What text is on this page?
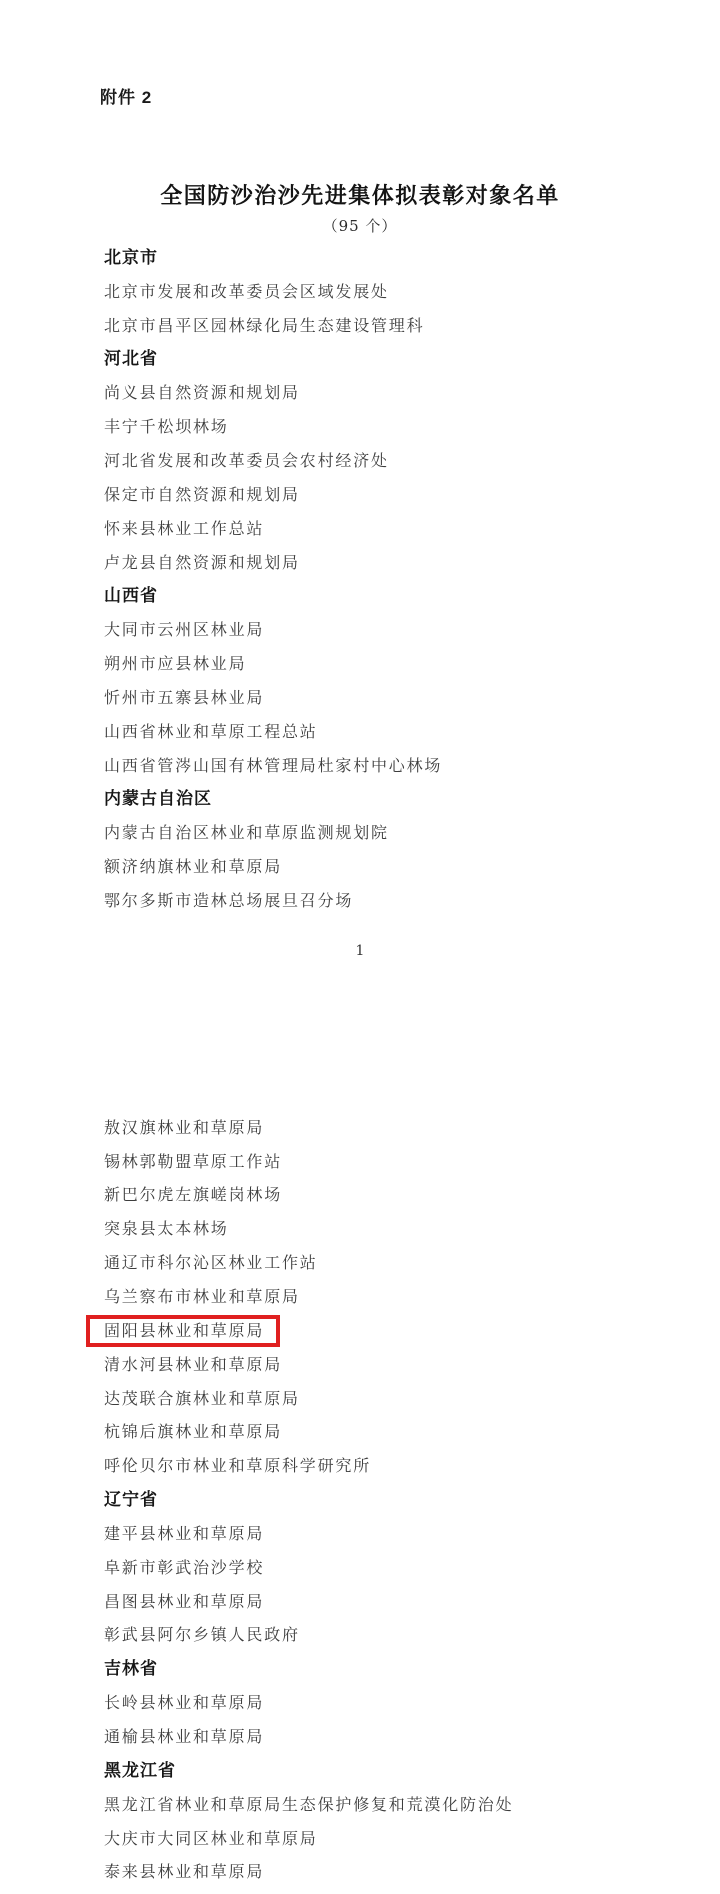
附件 2
全国防沙治沙先进集体拟表彰对象名单
（95 个）
北京市
北京市发展和改革委员会区域发展处
北京市昌平区园林绿化局生态建设管理科
河北省
尚义县自然资源和规划局
丰宁千松坝林场
河北省发展和改革委员会农村经济处
保定市自然资源和规划局
怀来县林业工作总站
卢龙县自然资源和规划局
山西省
大同市云州区林业局
朔州市应县林业局
忻州市五寨县林业局
山西省林业和草原工程总站
山西省管涔山国有林管理局杜家村中心林场
内蒙古自治区
内蒙古自治区林业和草原监测规划院
额济纳旗林业和草原局
鄂尔多斯市造林总场展旦召分场
1
敖汉旗林业和草原局
锡林郭勒盟草原工作站
新巴尔虎左旗嵯岗林场
突泉县太本林场
通辽市科尔沁区林业工作站
乌兰察布市林业和草原局
固阳县林业和草原局
清水河县林业和草原局
达茂联合旗林业和草原局
杭锦后旗林业和草原局
呼伦贝尔市林业和草原科学研究所
辽宁省
建平县林业和草原局
阜新市彰武治沙学校
昌图县林业和草原局
彰武县阿尔乡镇人民政府
吉林省
长岭县林业和草原局
通榆县林业和草原局
黑龙江省
黑龙江省林业和草原局生态保护修复和荒漠化防治处
大庆市大同区林业和草原局
泰来县林业和草原局
